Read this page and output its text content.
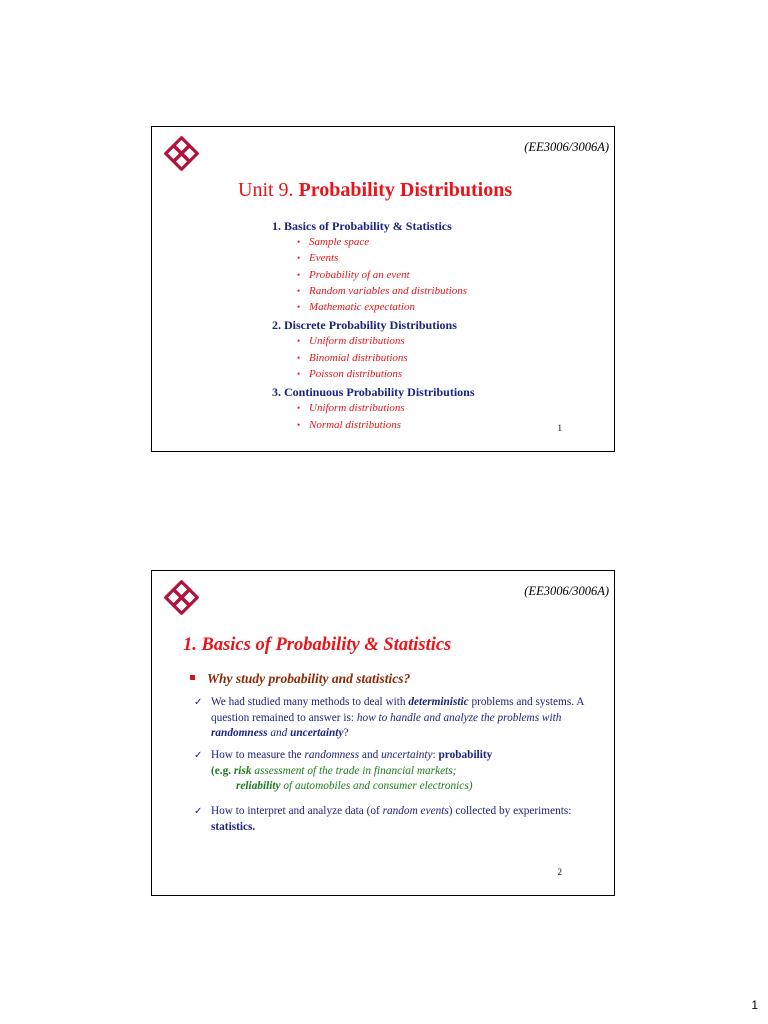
(EE3006/3006A)
Unit 9. Probability Distributions
1. Basics of Probability & Statistics
• Sample space
• Events
• Probability of an event
• Random variables and distributions
• Mathematic expectation
2. Discrete Probability Distributions
• Uniform distributions
• Binomial distributions
• Poisson distributions
3. Continuous Probability Distributions
• Uniform distributions
• Normal distributions	1
(EE3006/3006A)
1. Basics of Probability & Statistics
Why study probability and statistics?
✓ We had studied many methods to deal with deterministic problems and systems. A question remained to answer is: how to handle and analyze the problems with randomness and uncertainty?
✓ How to measure the randomness and uncertainty: probability
(e.g. risk assessment of the trade in financial markets;
reliability of automobiles and consumer electronics)
✓ How to interpret and analyze data (of random events) collected by experiments: statistics.
2
1
